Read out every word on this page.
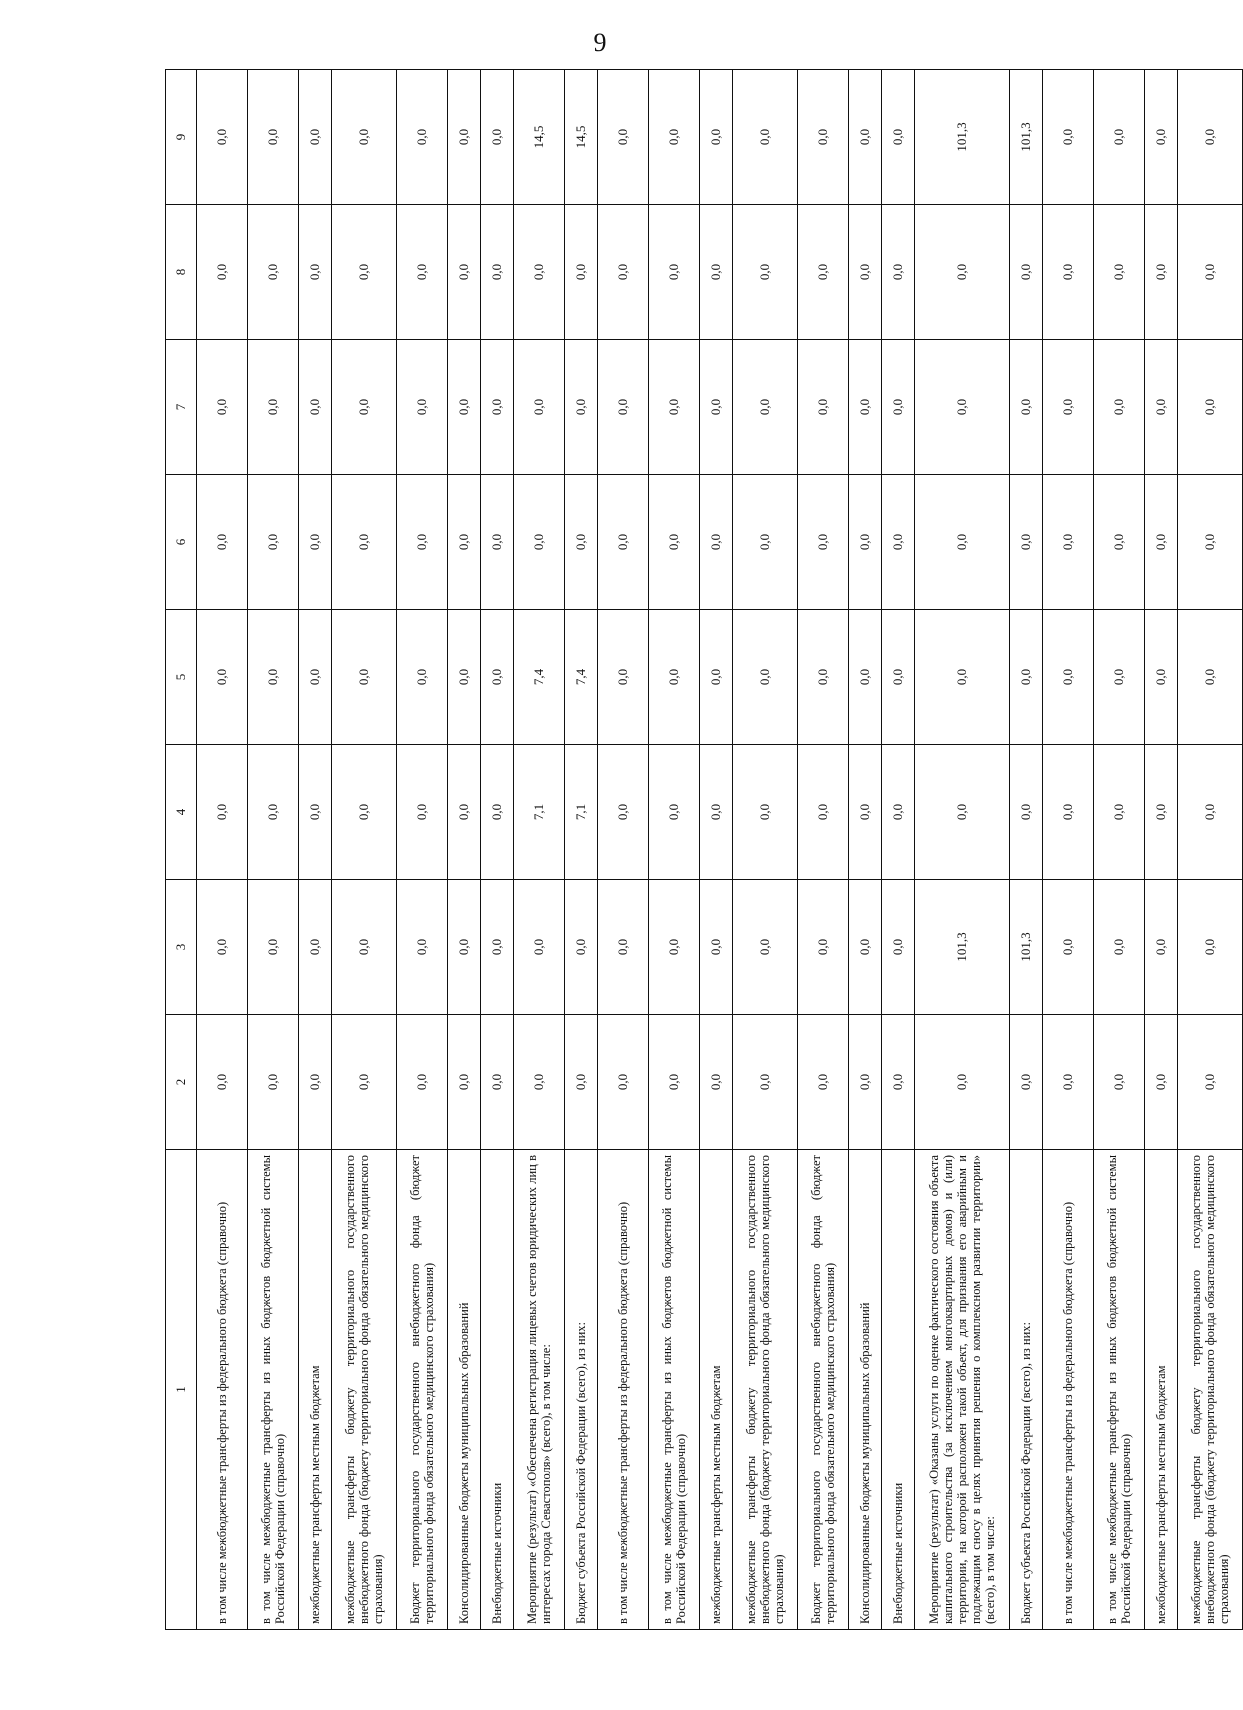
9
1	2	3	4	5	6	7	8	9
в том числе межбюджетные трансферты из федерального бюджета (справочно)	0,0	0,0	0,0	0,0	0,0	0,0	0,0	0,0
в том числе межбюджетные трансферты из иных бюджетов бюджетной системы Российской Федерации (справочно)	0,0	0,0	0,0	0,0	0,0	0,0	0,0	0,0
межбюджетные трансферты местным бюджетам	0,0	0,0	0,0	0,0	0,0	0,0	0,0	0,0
межбюджетные трансферты бюджету территориального государственного внебюджетного фонда (бюджету территориального фонда обязательного медицинского страхования)	0,0	0,0	0,0	0,0	0,0	0,0	0,0	0,0
Бюджет территориального государственного внебюджетного фонда (бюджет территориального фонда обязательного медицинского страхования)	0,0	0,0	0,0	0,0	0,0	0,0	0,0	0,0
Консолидированные бюджеты муниципальных образований	0,0	0,0	0,0	0,0	0,0	0,0	0,0	0,0
Внебюджетные источники	0,0	0,0	0,0	0,0	0,0	0,0	0,0	0,0
Мероприятие (результат) «Обеспечена регистрация лицевых счетов юридических лиц в интересах города Севастополя» (всего), в том числе:	0,0	0,0	7,1	7,4	0,0	0,0	0,0	14,5
Бюджет субъекта Российской Федерации (всего), из них:	0,0	0,0	7,1	7,4	0,0	0,0	0,0	14,5
в том числе межбюджетные трансферты из федерального бюджета (справочно)	0,0	0,0	0,0	0,0	0,0	0,0	0,0	0,0
в том числе межбюджетные трансферты из иных бюджетов бюджетной системы Российской Федерации (справочно)	0,0	0,0	0,0	0,0	0,0	0,0	0,0	0,0
межбюджетные трансферты местным бюджетам	0,0	0,0	0,0	0,0	0,0	0,0	0,0	0,0
межбюджетные трансферты бюджету территориального государственного внебюджетного фонда (бюджету территориального фонда обязательного медицинского страхования)	0,0	0,0	0,0	0,0	0,0	0,0	0,0	0,0
Бюджет территориального государственного внебюджетного фонда (бюджет территориального фонда обязательного медицинского страхования)	0,0	0,0	0,0	0,0	0,0	0,0	0,0	0,0
Консолидированные бюджеты муниципальных образований	0,0	0,0	0,0	0,0	0,0	0,0	0,0	0,0
Внебюджетные источники	0,0	0,0	0,0	0,0	0,0	0,0	0,0	0,0
Мероприятие (результат) «Оказаны услуги по оценке фактического состояния объекта капитального строительства (за исключением многоквартирных домов) и (или) территории, на которой расположен такой объект, для признания его аварийным и подлежащим сносу в целях принятия решения о комплексном развитии территории» (всего), в том числе:	0,0	101,3	0,0	0,0	0,0	0,0	0,0	101,3
Бюджет субъекта Российской Федерации (всего), из них:	0,0	101,3	0,0	0,0	0,0	0,0	0,0	101,3
в том числе межбюджетные трансферты из федерального бюджета (справочно)	0,0	0,0	0,0	0,0	0,0	0,0	0,0	0,0
в том числе межбюджетные трансферты из иных бюджетов бюджетной системы Российской Федерации (справочно)	0,0	0,0	0,0	0,0	0,0	0,0	0,0	0,0
межбюджетные трансферты местным бюджетам	0,0	0,0	0,0	0,0	0,0	0,0	0,0	0,0
межбюджетные трансферты бюджету территориального государственного внебюджетного фонда (бюджету территориального фонда обязательного медицинского страхования)	0,0	0,0	0,0	0,0	0,0	0,0	0,0	0,0
